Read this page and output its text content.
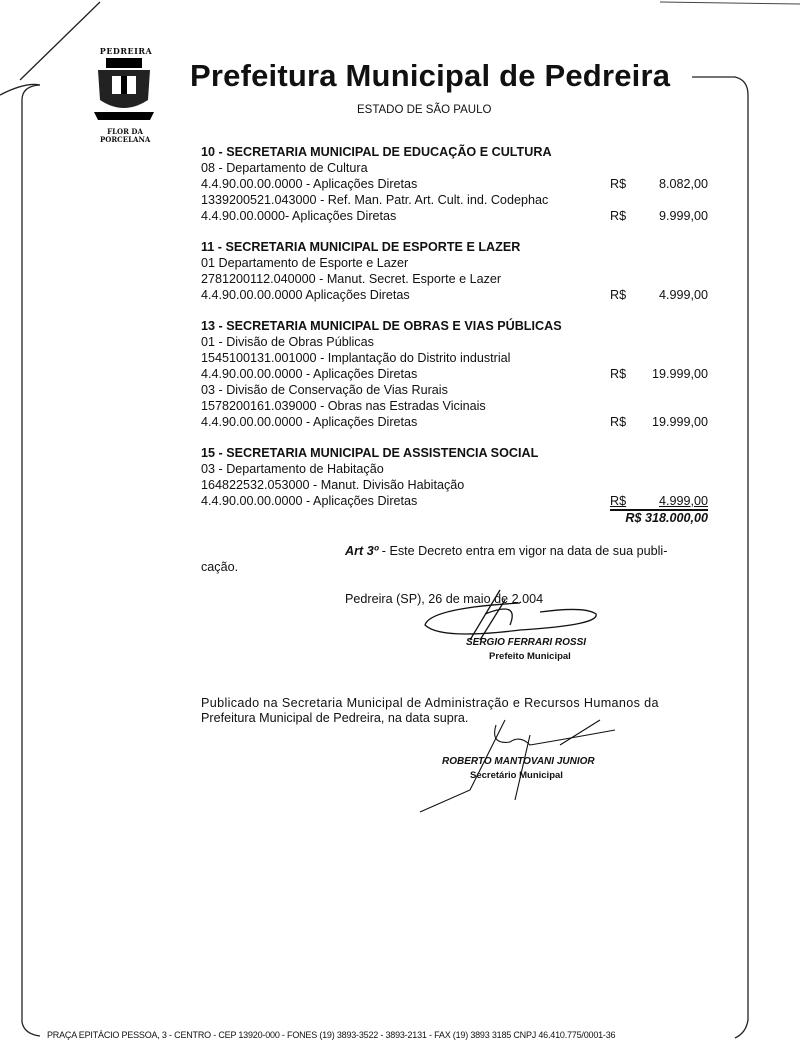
PEDREIRA
FLOR DA PORCELANA
Prefeitura Municipal de Pedreira
ESTADO DE SÃO PAULO
10 - SECRETARIA MUNICIPAL DE EDUCAÇÃO E CULTURA
08 - Departamento de Cultura
4.4.90.00.00.0000 - Aplicações Diretas	R$	8.082,00
1339200521.043000 - Ref. Man. Patr. Art. Cult. ind. Codephac
4.4.90.00.0000- Aplicações Diretas	R$	9.999,00
11 - SECRETARIA MUNICIPAL DE ESPORTE E LAZER
01 Departamento de Esporte e Lazer
2781200112.040000 - Manut. Secret. Esporte e Lazer
4.4.90.00.00.0000 Aplicações Diretas	R$	4.999,00
13 - SECRETARIA MUNICIPAL DE OBRAS E VIAS PÚBLICAS
01 - Divisão de Obras Públicas
1545100131.001000 - Implantação do Distrito industrial
4.4.90.00.00.0000 - Aplicações Diretas	R$ 19.999,00
03 - Divisão de Conservação de Vias Rurais
1578200161.039000 - Obras nas Estradas Vicinais
4.4.90.00.00.0000 - Aplicações Diretas	R$ 19.999,00
15 - SECRETARIA MUNICIPAL DE ASSISTENCIA SOCIAL
03 - Departamento de Habitação
164822532.053000 - Manut. Divisão Habitação
4.4.90.00.00.0000 - Aplicações Diretas	R$	4.999,00
R$ 318.000,00
Art 3º - Este Decreto entra em vigor na data de sua publi-
cação.
Pedreira (SP), 26 de maio de 2.004
SERGIO FERRARI ROSSI
Prefeito Municipal
Publicado na Secretaria Municipal de Administração e Recursos Humanos da
Prefeitura Municipal de Pedreira, na data supra.
ROBERTO MANTOVANI JUNIOR
Secretário Municipal
PRAÇA EPITÁCIO PESSOA, 3 - CENTRO - CEP 13920-000 - FONES (19) 3893-3522 - 3893-2131 - FAX (19) 3893 3185 CNPJ 46.410.775/0001-36
